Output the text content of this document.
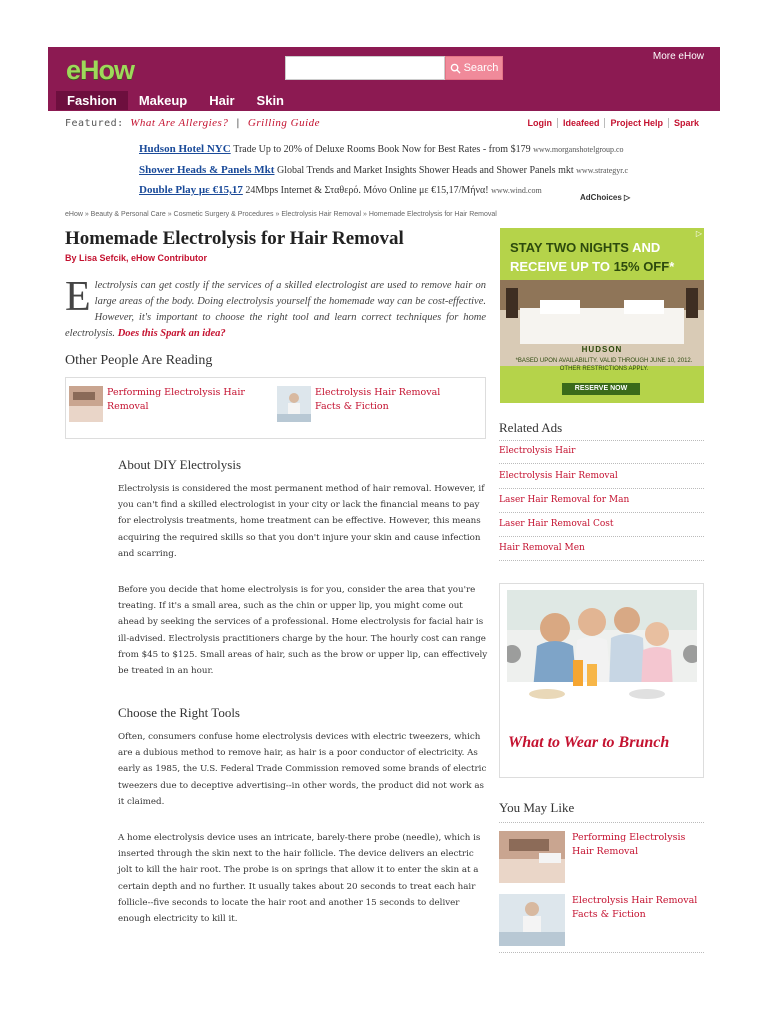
eHow	Search
More eHow
Fashion	Makeup	Hair	Skin
Featured: What Are Allergies? | Grilling Guide	Login	Ideafeed	Project Help	Spark
Hudson Hotel NYC Trade Up to 20% of Deluxe Rooms Book Now for Best Rates - from $179 www.morganshotelgroup.co
Shower Heads & Panels Mkt Global Trends and Market Insights Shower Heads and Shower Panels mkt www.strategyr.c
Double Play με €15,17 24Mbps Internet & Σταθερό. Μόνο Online με €15,17/Μήνα! www.wind.com
AdChoices ▷
eHow » Beauty & Personal Care » Cosmetic Surgery & Procedures » Electrolysis Hair Removal » Homemade Electrolysis for Hair Removal
Homemade Electrolysis for Hair Removal
By Lisa Sefcik, eHow Contributor
Electrolysis can get costly if the services of a skilled electrologist are used to remove hair on large areas of the body. Doing electrolysis yourself the homemade way can be cost-effective. However, it's important to choose the right tool and learn correct techniques for home electrolysis. Does this Spark an idea?
Other People Are Reading
Performing Electrolysis Hair Removal
Electrolysis Hair Removal Facts & Fiction
About DIY Electrolysis

Electrolysis is considered the most permanent method of hair removal. However, if you can't find a skilled electrologist in your city or lack the financial means to pay for electrolysis treatments, home treatment can be effective. However, this means acquiring the required skills so that you don't injure your skin and cause infection and scarring.

Before you decide that home electrolysis is for you, consider the area that you're treating. If it's a small area, such as the chin or upper lip, you might come out ahead by seeking the services of a professional. Home electrolysis for facial hair is ill-advised. Electrolysis practitioners charge by the hour. The hourly cost can range from $45 to $125. Small areas of hair, such as the brow or upper lip, can effectively be treated in an hour.

Choose the Right Tools

Often, consumers confuse home electrolysis devices with electric tweezers, which are a dubious method to remove hair, as hair is a poor conductor of electricity. As early as 1985, the U.S. Federal Trade Commission removed some brands of electric tweezers due to deceptive advertising--in other words, the product did not work as it claimed.

A home electrolysis device uses an intricate, barely-there probe (needle), which is inserted through the skin next to the hair follicle. The device delivers an electric jolt to kill the hair root. The probe is on springs that allow it to enter the skin at a certain depth and no further. It usually takes about 20 seconds to treat each hair follicle--five seconds to locate the hair root and another 15 seconds to deliver enough electricity to kill it.

▷
STAY TWO NIGHTS AND
RECEIVE UP TO 15% OFF*
HUDSON
*BASED UPON AVAILABILITY. VALID THROUGH JUNE 10, 2012. OTHER RESTRICTIONS APPLY.
RESERVE NOW
Related Ads
Electrolysis Hair
Electrolysis Hair Removal
Laser Hair Removal for Man
Laser Hair Removal Cost
Hair Removal Men
What to Wear to Brunch
You May Like
Performing Electrolysis Hair Removal
Electrolysis Hair Removal Facts & Fiction
